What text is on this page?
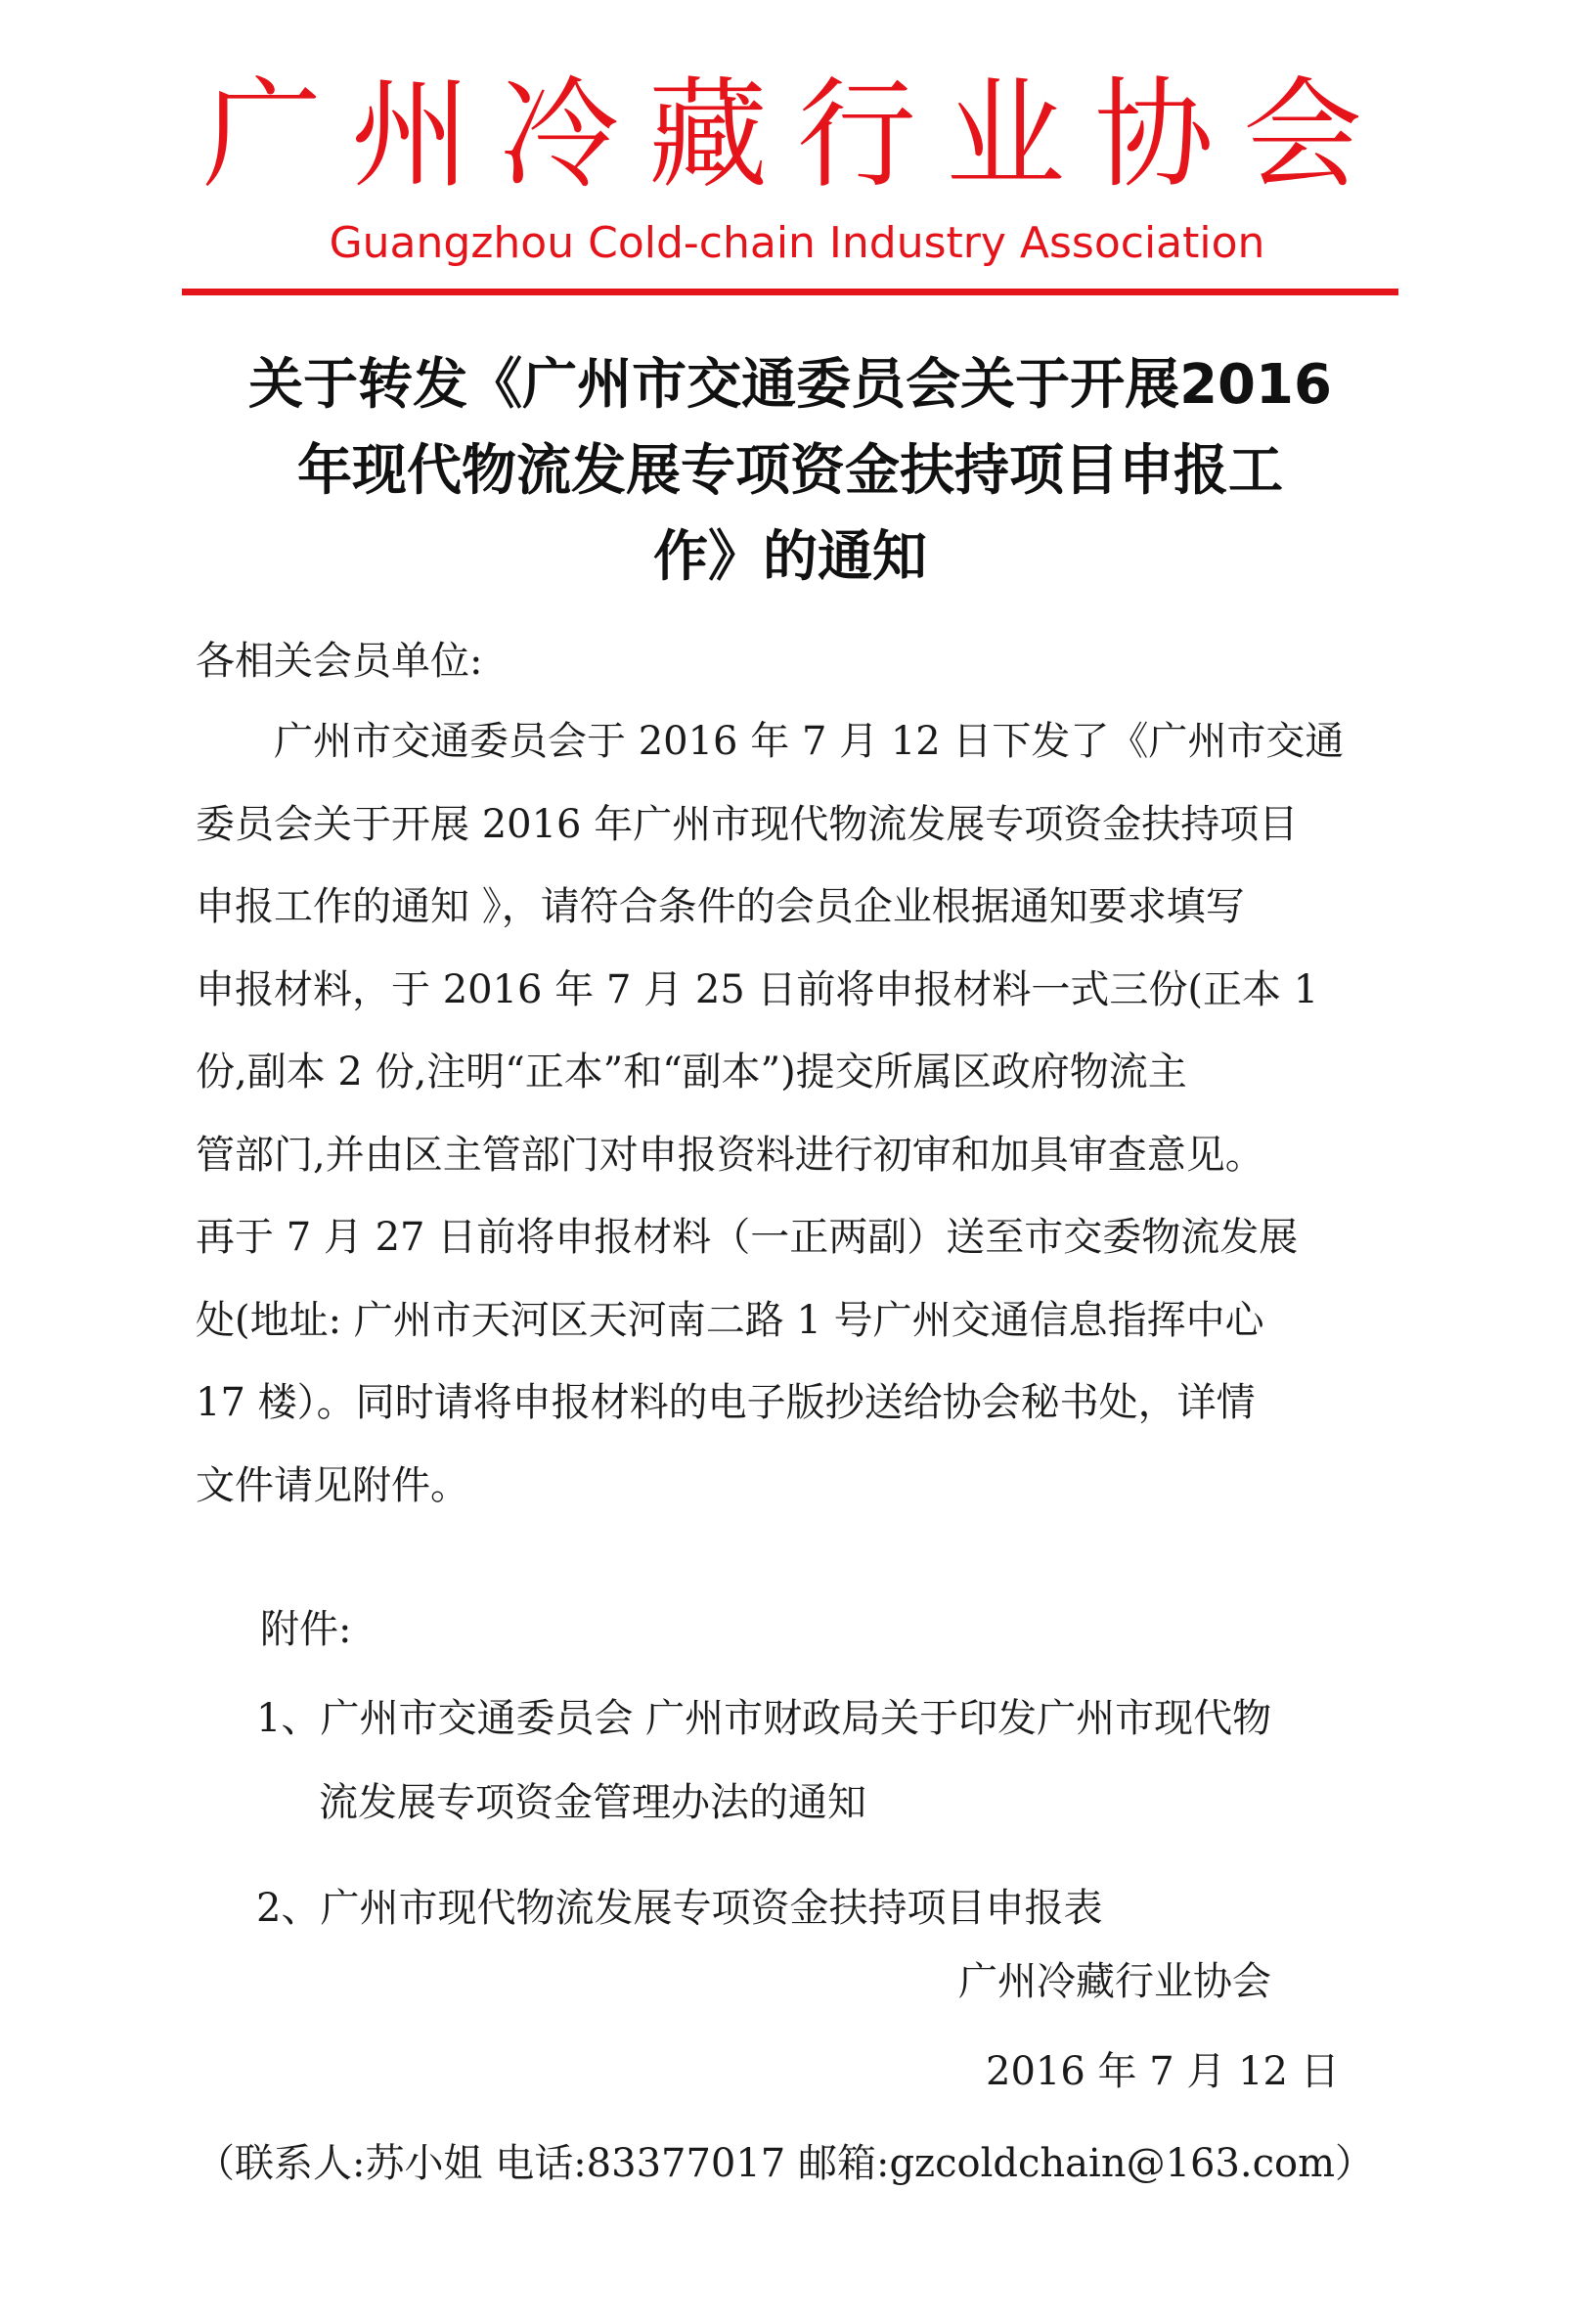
广州冷藏行业协会

Guangzhou Cold-chain Industry Association

关于转发《广州市交通委员会关于开展2016
年现代物流发展专项资金扶持项目申报工
作》的通知

各相关会员单位:

广州市交通委员会于 2016 年 7 月 12 日下发了《广州市交通
委员会关于开展 2016 年广州市现代物流发展专项资金扶持项目
申报工作的通知 》，请符合条件的会员企业根据通知要求填写
申报材料，于 2016 年 7 月 25 日前将申报材料一式三份(正本 1
份,副本 2 份,注明“正本”和“副本”)提交所属区政府物流主
管部门,并由区主管部门对申报资料进行初审和加具审查意见。
再于 7 月 27 日前将申报材料（一正两副）送至市交委物流发展
处(地址: 广州市天河区天河南二路 1 号广州交通信息指挥中心
17 楼）。同时请将申报材料的电子版抄送给协会秘书处，详情
文件请见附件。

附件:

1、广州市交通委员会 广州市财政局关于印发广州市现代物
流发展专项资金管理办法的通知
2、广州市现代物流发展专项资金扶持项目申报表

广州冷藏行业协会

2016 年 7 月 12 日

（联系人:苏小姐 电话:83377017 邮箱:gzcoldchain@163.com）
